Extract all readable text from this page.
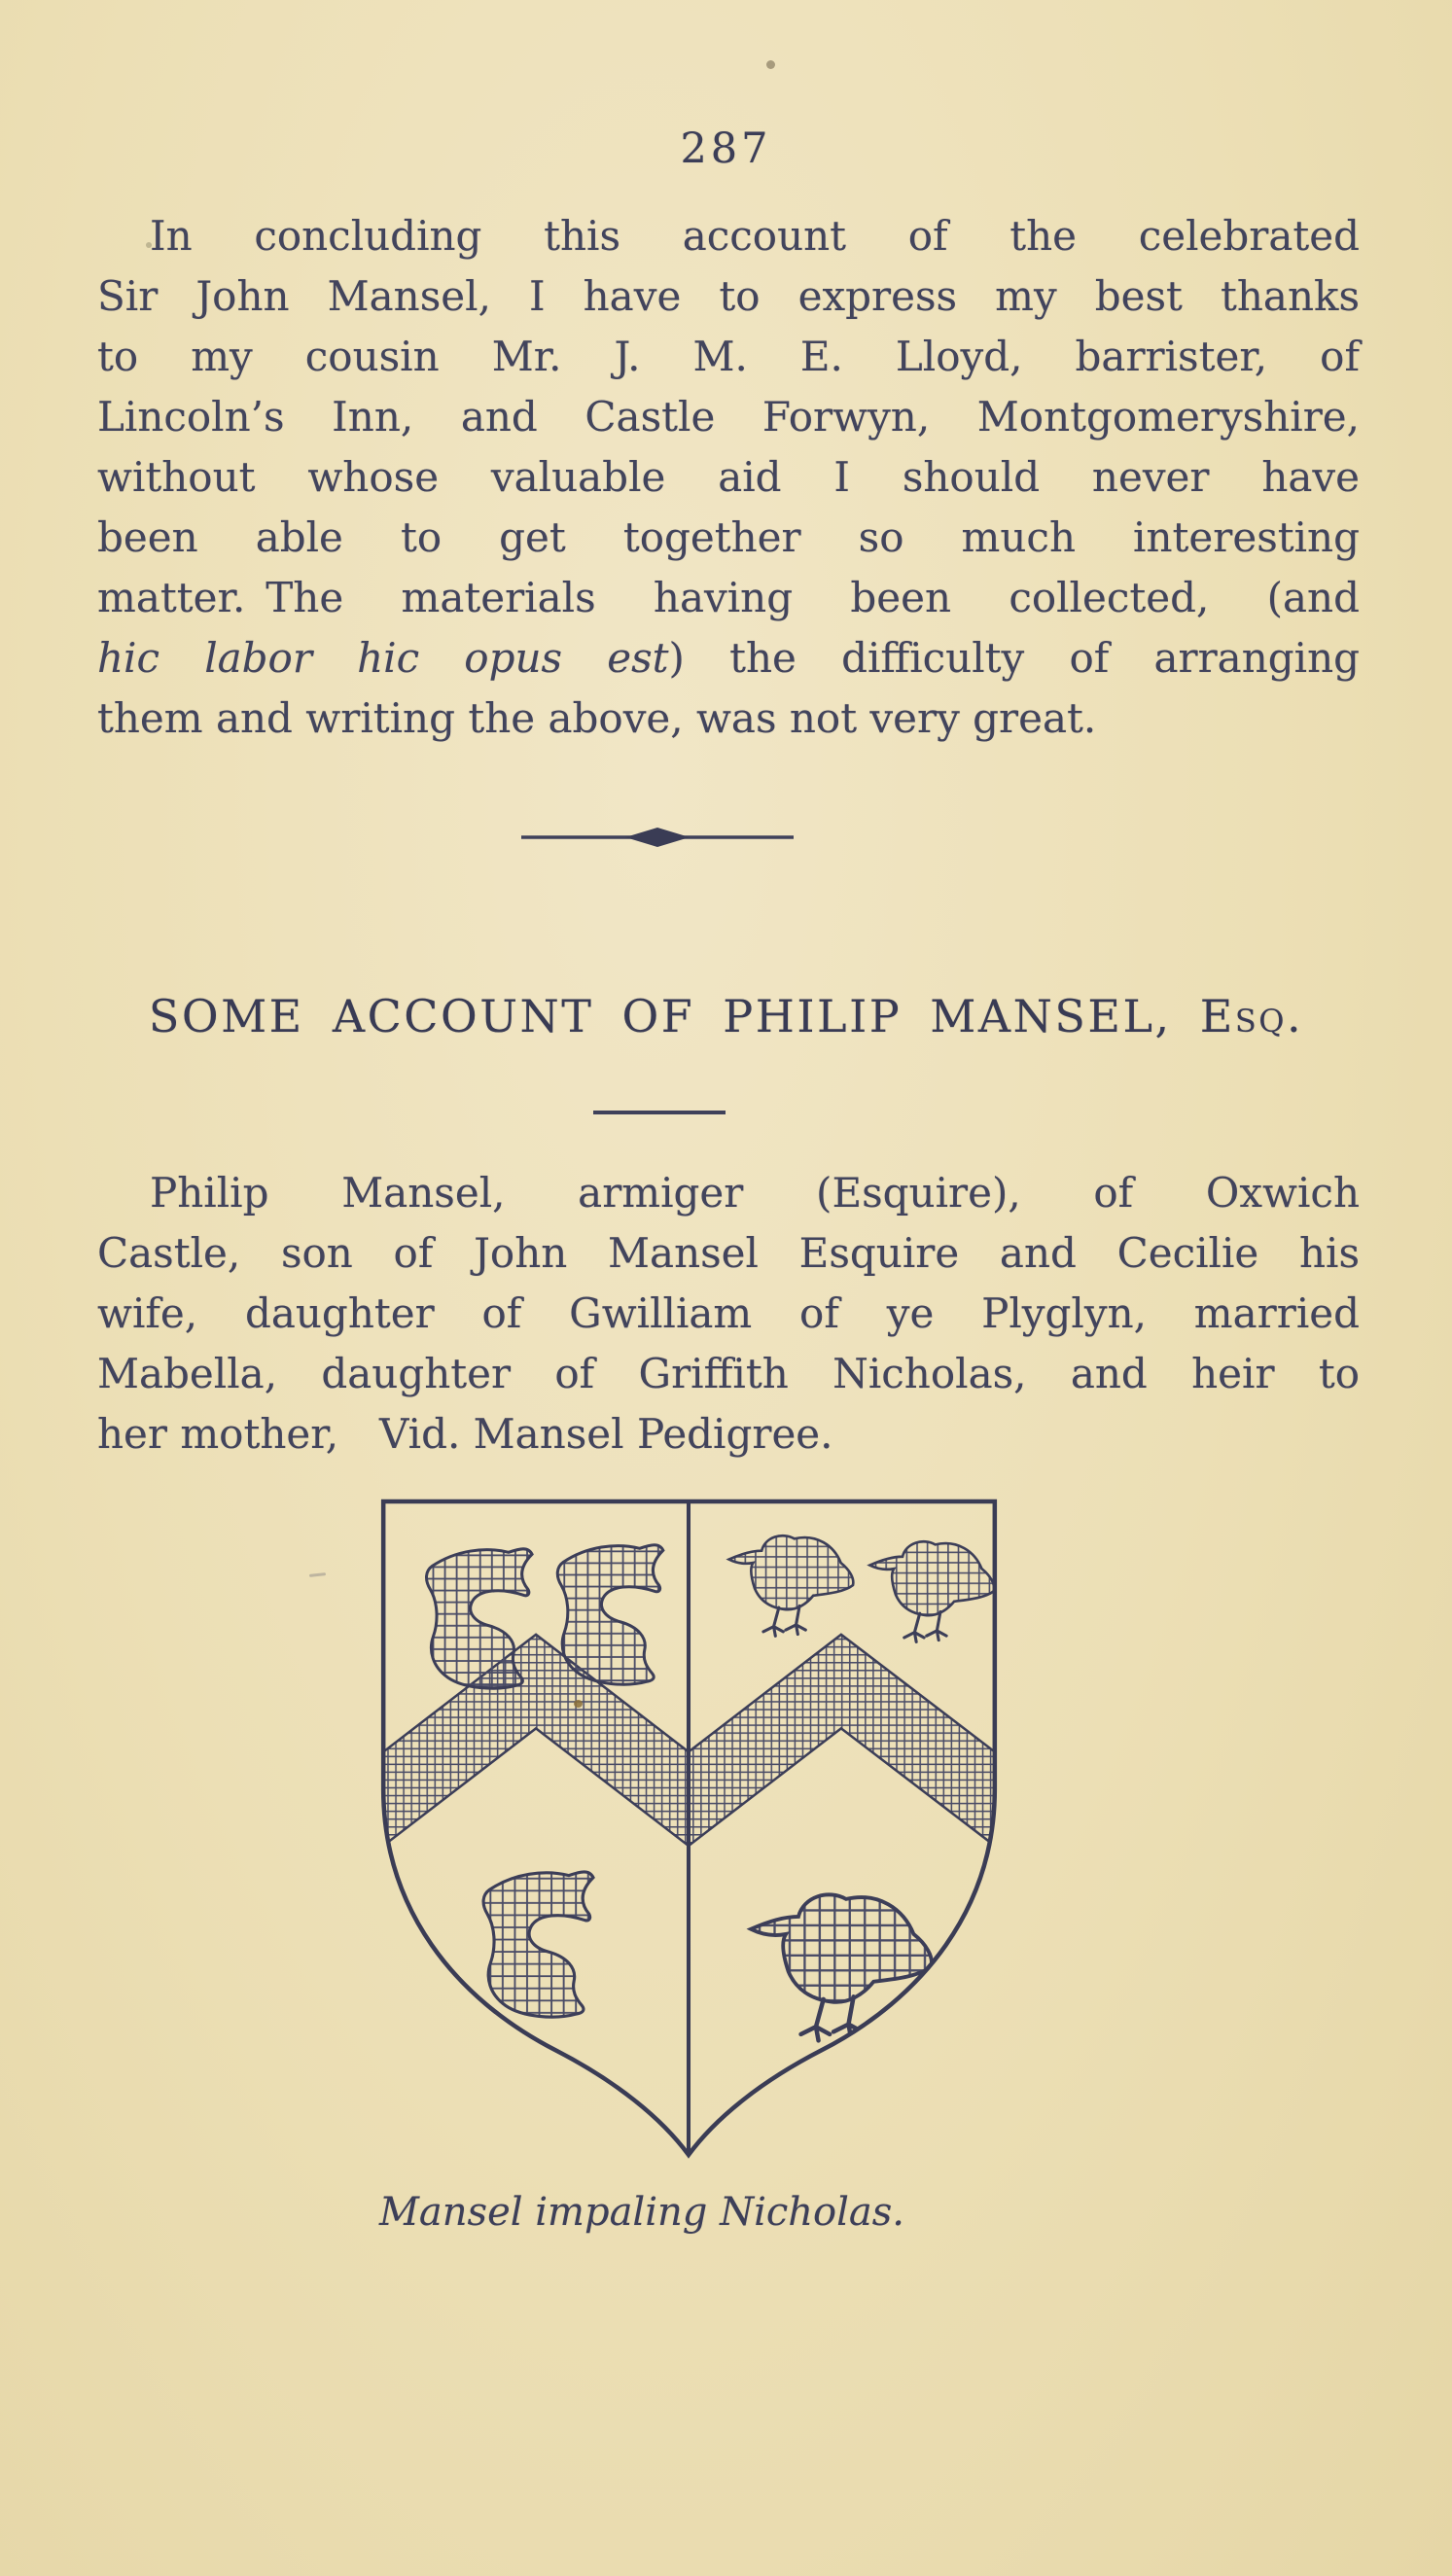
287
In concluding this account of the celebrated
Sir John Mansel, I have to express my best thanks
to my cousin Mr. J. M. E. Lloyd, barrister, of
Lincoln’s Inn, and Castle Forwyn, Montgomeryshire,
without whose valuable aid I should never have
been able to get together so much interesting
matter. The materials having been collected, (and
hic labor hic opus est) the difficulty of arranging
them and writing the above, was not very great.
SOME ACCOUNT OF PHILIP MANSEL, Esq.
Philip Mansel, armiger (Esquire), of Oxwich
Castle, son of John Mansel Esquire and Cecilie his
wife, daughter of Gwilliam of ye Plyglyn, married
Mabella, daughter of Griffith Nicholas, and heir to
her mother, Vid. Mansel Pedigree.
Mansel impaling Nicholas.
